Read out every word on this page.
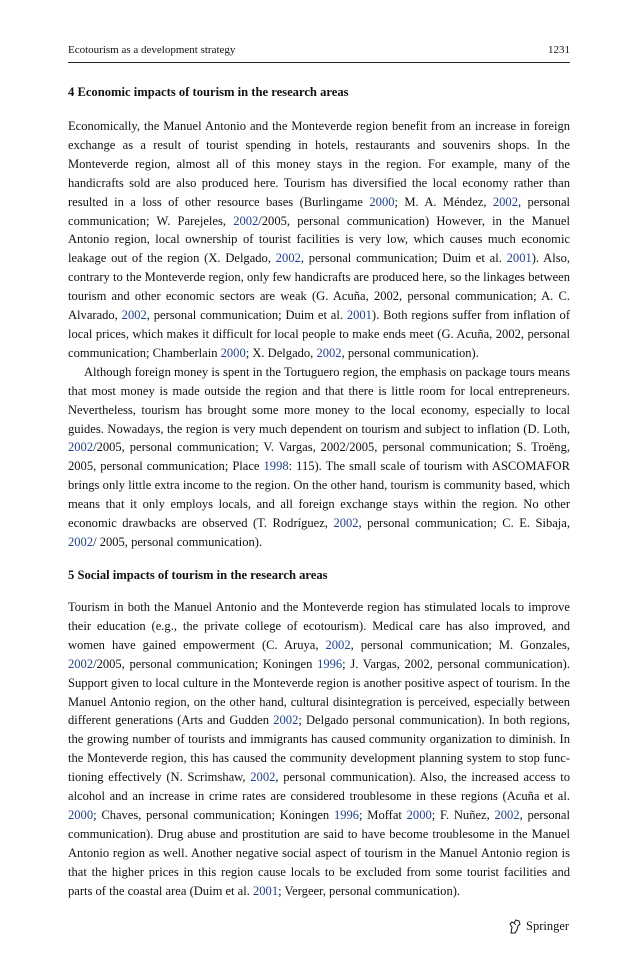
Ecotourism as a development strategy	1231
4 Economic impacts of tourism in the research areas

Economically, the Manuel Antonio and the Monteverde region benefit from an increase in foreign exchange as a result of tourist spending in hotels, restaurants and souvenirs shops. In the Monteverde region, almost all of this money stays in the region. For example, many of the handicrafts sold are also produced here. Tourism has diversified the local economy rather than resulted in a loss of other resource bases (Burlingame 2000; M. A. Méndez, 2002, personal communication; W. Parejeles, 2002/2005, personal communication) However, in the Manuel Antonio region, local ownership of tourist facilities is very low, which causes much economic leakage out of the region (X. Delgado, 2002, personal communication; Duim et al. 2001). Also, contrary to the Monteverde region, only few handicrafts are produced here, so the linkages between tourism and other economic sectors are weak (G. Acuña, 2002, personal communication; A. C. Alvarado, 2002, personal communication; Duim et al. 2001). Both regions suffer from inflation of local prices, which makes it difficult for local people to make ends meet (G. Acuña, 2002, personal communication; Chamberlain 2000; X. Delgado, 2002, personal communication).

Although foreign money is spent in the Tortuguero region, the emphasis on package tours means that most money is made outside the region and that there is little room for local entrepreneurs. Nevertheless, tourism has brought some more money to the local economy, especially to local guides. Nowadays, the region is very much dependent on tourism and subject to inflation (D. Loth, 2002/2005, personal communication; V. Vargas, 2002/2005, personal communication; S. Troëng, 2005, personal communication; Place 1998: 115). The small scale of tourism with ASCOMAFOR brings only little extra income to the region. On the other hand, tourism is community based, which means that it only employs locals, and all foreign exchange stays within the region. No other economic drawbacks are observed (T. Rodríguez, 2002, personal communication; C. E. Sibaja, 2002/ 2005, personal communication).

5 Social impacts of tourism in the research areas

Tourism in both the Manuel Antonio and the Monteverde region has stimulated locals to improve their education (e.g., the private college of ecotourism). Medical care has also improved, and women have gained empowerment (C. Aruya, 2002, personal communication; M. Gonzales, 2002/2005, personal communication; Koningen 1996; J. Vargas, 2002, personal communication). Support given to local culture in the Monteverde region is another positive aspect of tourism. In the Manuel Antonio region, on the other hand, cultural disintegration is perceived, especially between different generations (Arts and Gudden 2002; Delgado personal communication). In both regions, the growing number of tourists and immigrants has caused community organization to diminish. In the Monteverde region, this has caused the community development planning system to stop functioning effectively (N. Scrimshaw, 2002, personal communication). Also, the increased access to alcohol and an increase in crime rates are considered troublesome in these regions (Acuña et al. 2000; Chaves, personal communication; Koningen 1996; Moffat 2000; F. Nuñez, 2002, personal communication). Drug abuse and prostitution are said to have become troublesome in the Manuel Antonio region as well. Another negative social aspect of tourism in the Manuel Antonio region is that the higher prices in this region cause locals to be excluded from some tourist facilities and parts of the coastal area (Duim et al. 2001; Vergeer, personal communication).

Springer
